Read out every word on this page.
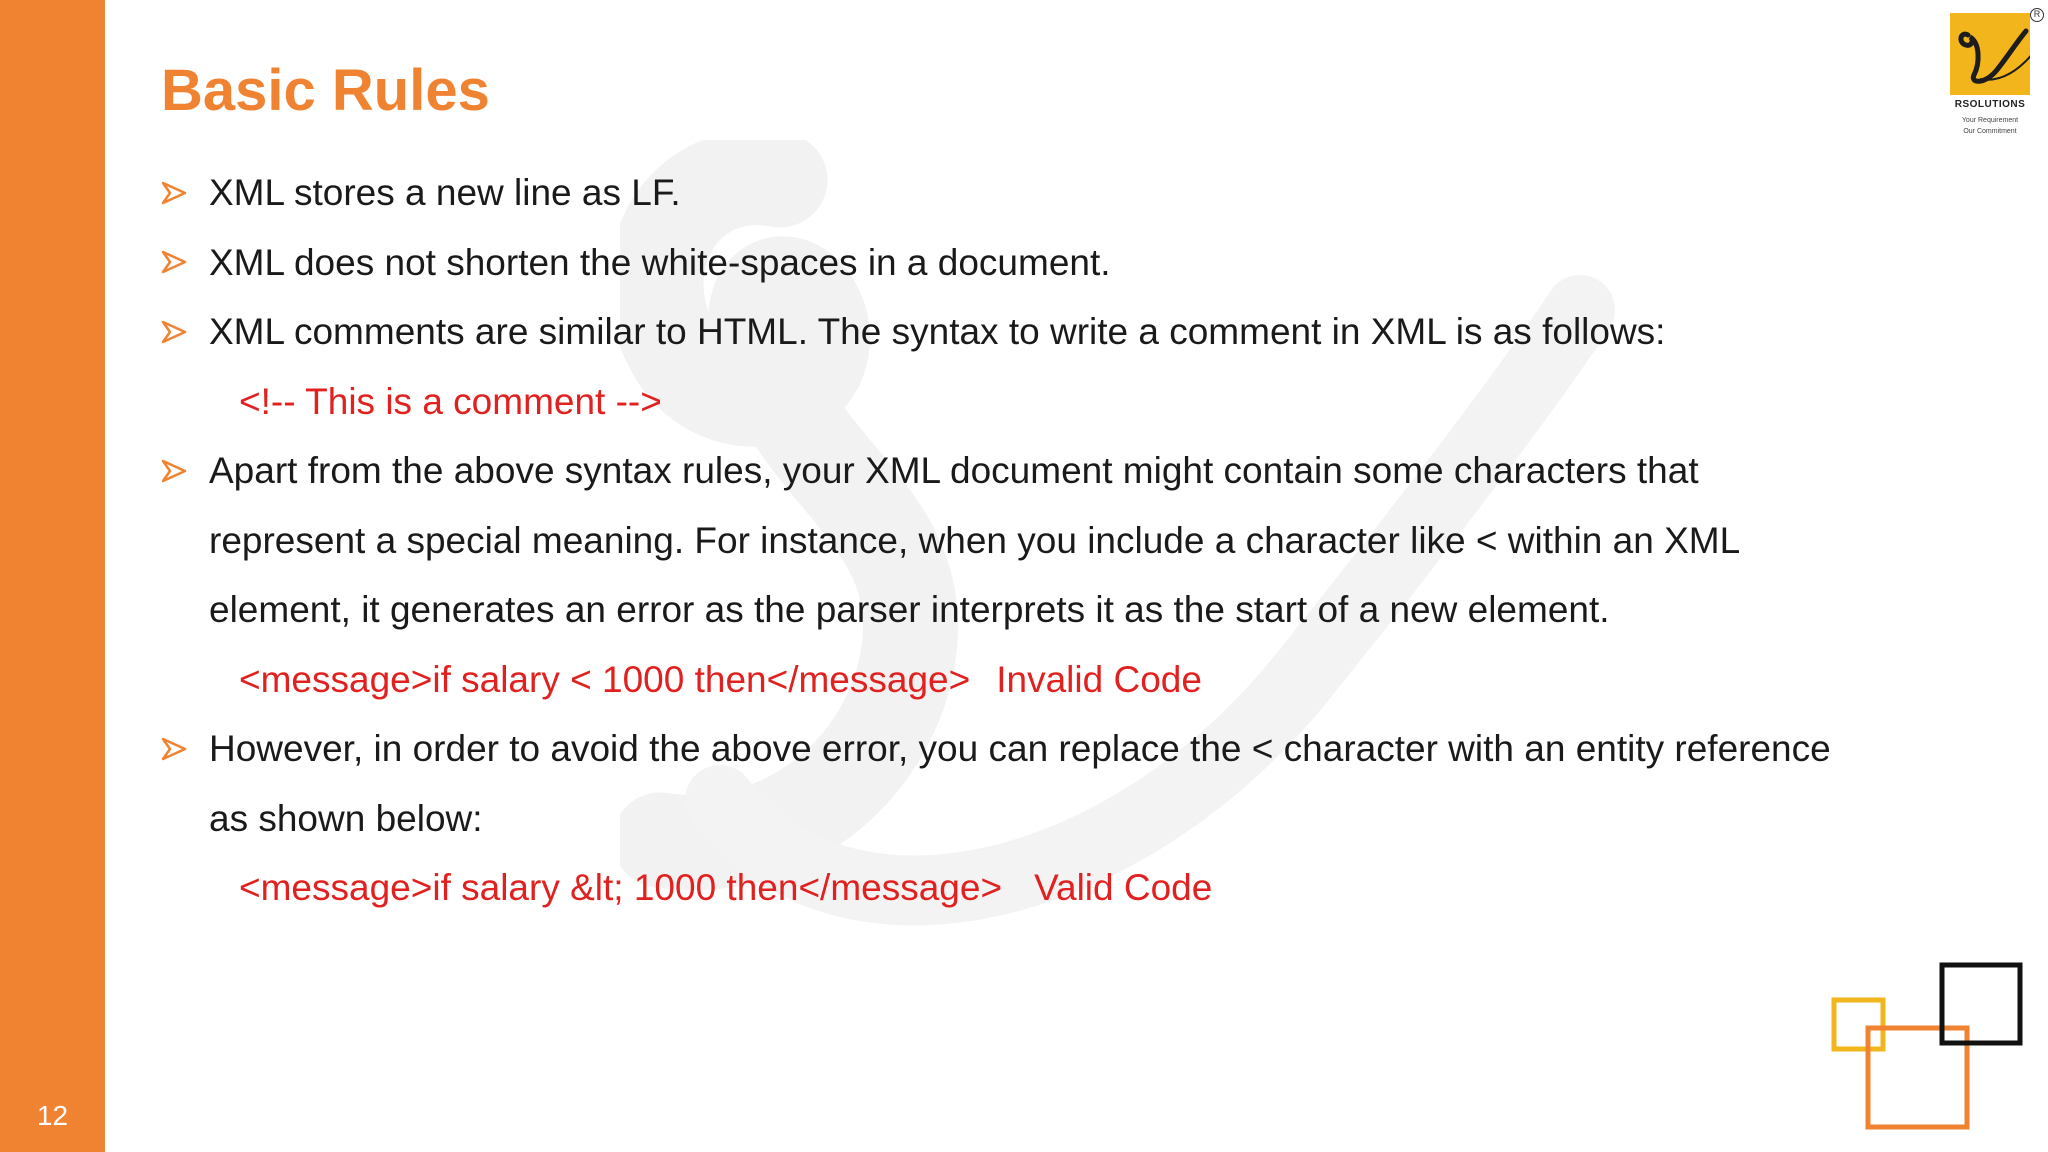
12
Basic Rules
XML stores a new line as LF.
XML does not shorten the white-spaces in a document.
XML comments are similar to HTML. The syntax to write a comment in XML is as follows:
<!-- This is a comment -->
Apart from the above syntax rules, your XML document might contain some characters that
represent a special meaning. For instance, when you include a character like < within an XML
element, it generates an error as the parser interprets it as the start of a new element.
<message>if salary < 1000 then</message> Invalid Code
However, in order to avoid the above error, you can replace the < character with an entity reference
as shown below:
<message>if salary &lt; 1000 then</message> Valid Code
R
RSOLUTIONS
Your Requirement
Our Commitment
